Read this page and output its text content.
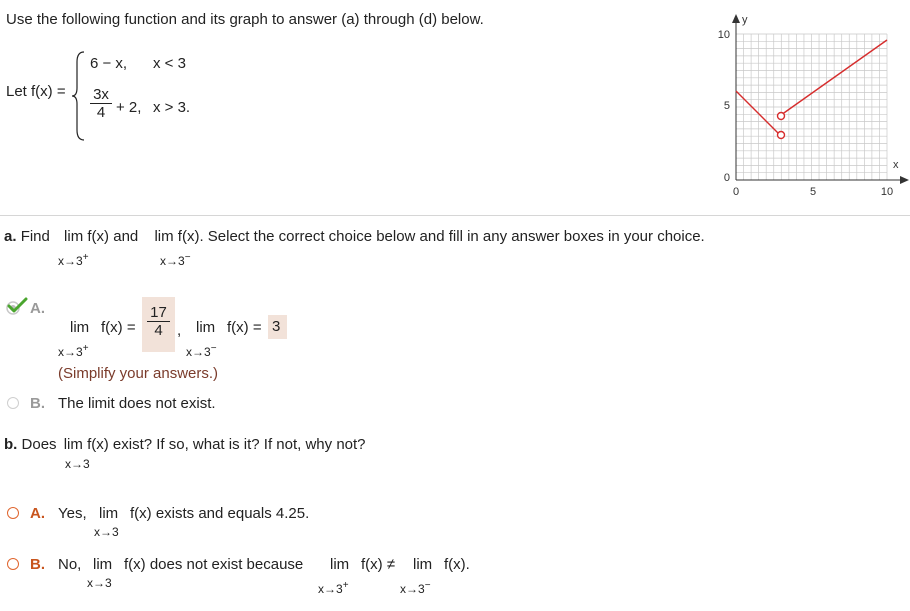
Use the following function and its graph to answer (a) through (d) below.
Let f(x) =
6 − x, x < 3
$\frac{3x}{4} + 2$, x > 3.
y
x
10
5
0
0	5	10
a. Find lim f(x) and lim f(x). Select the correct choice below and fill in any answer boxes in your choice.
x→3+	x→3−
A.
$\lim f(x) = \frac{17}{4}$ , lim f(x) = 3
x→3+	x→3−
(Simplify your answers.)
B. The limit does not exist.
b. Does lim f(x) exist? If so, what is it? If not, why not?
x→3
A. Yes, lim f(x) exists and equals 4.25.
x→3
B. No, lim f(x) does not exist because lim f(x) ≠ lim f(x).
x→3	x→3+	x→3−
